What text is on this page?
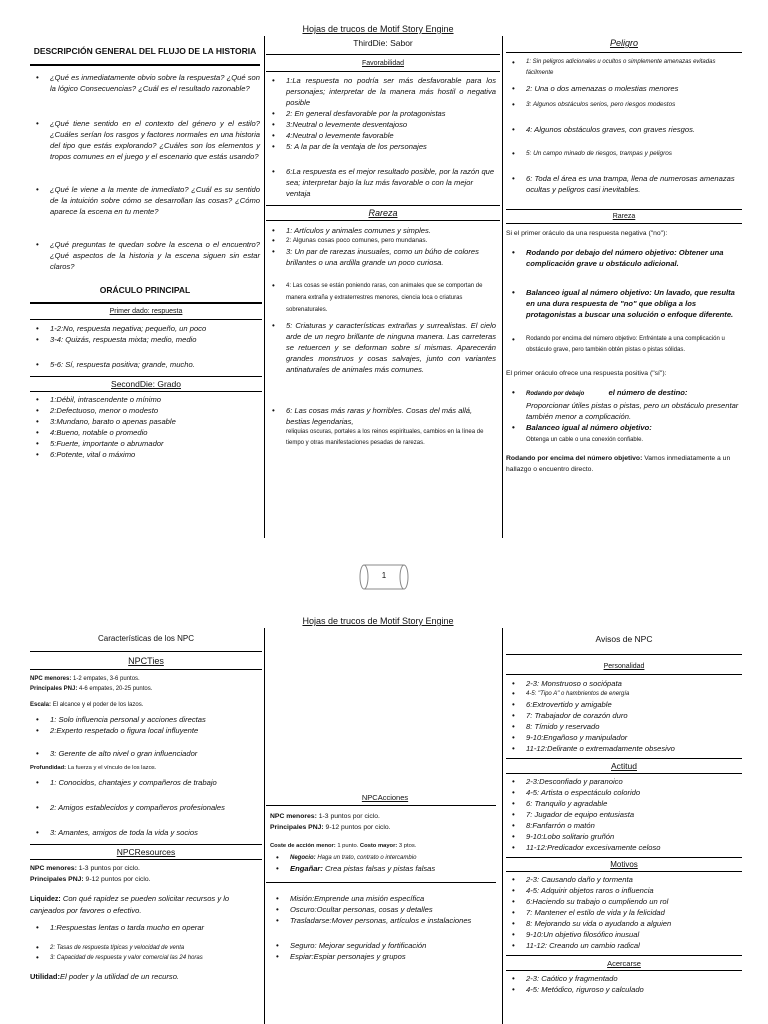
Hojas de trucos de Motif Story Engine
DESCRIPCIÓN GENERAL DEL FLUJO DE LA HISTORIA
• ¿Qué es inmediatamente obvio sobre la respuesta? ¿Qué son la lógico Consecuencias? ¿Cuál es el resultado razonable?
• ¿Qué tiene sentido en el contexto del género y el estilo? ¿Cuáles serían los rasgos y factores normales en una historia del tipo que estás explorando? ¿Cuáles son los elementos y tropos comunes en el juego y el escenario que estás usando?
• ¿Qué le viene a la mente de inmediato? ¿Cuál es su sentido de la intuición sobre cómo se desarrollan las cosas? ¿Cómo aparece la escena en tu mente?
• ¿Qué preguntas te quedan sobre la escena o el encuentro? ¿Qué aspectos de la historia y la escena siguen sin estar claros?
ORÁCULO PRINCIPAL
Primer dado: respuesta
• 1-2:No, respuesta negativa; pequeño, un poco
• 3-4: Quizás, respuesta mixta; medio, medio
• 5-6: Sí, respuesta positiva; grande, mucho.
SecondDie: Grado
• 1:Débil, intrascendente o mínimo
• 2:Defectuoso, menor o modesto
• 3:Mundano, barato o apenas pasable
• 4:Bueno, notable o promedio
• 5:Fuerte, importante o abrumador
• 6:Potente, vital o máximo
ThirdDie: Sabor
Favorabilidad
• 1:La respuesta no podría ser más desfavorable para los personajes; interpretar de la manera más hostil o negativa posible
• 2: En general desfavorable por la protagonistas
• 3:Neutral o levemente desventajoso
• 4:Neutral o levemente favorable
• 5: A la par de la ventaja de los personajes
• 6:La respuesta es el mejor resultado posible, por la razón que sea; interpretar bajo la luz más favorable o con la mejor ventaja
Rareza
• 1: Artículos y animales comunes y simples.
• 2: Algunas cosas poco comunes, pero mundanas.
• 3: Un par de rarezas inusuales, como un búho de colores brillantes o una ardilla grande un poco curiosa.
• 4: Las cosas se están poniendo raras, con animales que se comportan de manera extraña y extraterrestres menores, ciencia loca o criaturas sobrenaturales.
• 5: Criaturas y características extrañas y surrealistas. El cielo arde de un negro brillante de ninguna manera. Las carreteras se retuercen y se deforman sobre sí mismas. Aparecerán grandes monstruos y cosas salvajes, junto con variantes antinaturales de animales más comunes.
• 6: Las cosas más raras y horribles. Cosas del más allá, bestias legendarias,
reliquias oscuras, portales a los reinos espirituales, cambios en la línea de tiempo y otras manifestaciones pesadas de rarezas.
Peligro
• 1: Sin peligros adicionales u ocultos o simplemente amenazas evitadas fácilmente
• 2: Una o dos amenazas o molestias menores
• 3: Algunos obstáculos serios, pero riesgos modestos
• 4: Algunos obstáculos graves, con graves riesgos.
• 5: Un campo minado de riesgos, trampas y peligros
• 6: Toda el área es una trampa, llena de numerosas amenazas ocultas y peligros casi inevitables.
Rareza
Si el primer oráculo da una respuesta negativa ("no"):
• Rodando por debajo del número objetivo: Obtener una complicación grave u obstáculo adicional.
• Balanceo igual al número objetivo: Un lavado, que resulta en una dura respuesta de "no" que obliga a los protagonistas a buscar una solución o enfoque diferente.
• Rodando por encima del número objetivo: Enfréntate a una complicación u obstáculo grave, pero también obtén pistas o pistas sólidas.
El primer oráculo ofrece una respuesta positiva ("sí"):
• Rodando por debajo	el número de destino:
Proporcionar útiles pistas o pistas, pero un obstáculo presentar también menor a complicación.
• Balanceo igual al número objetivo:
Obtenga un cable o una conexión confiable.
Rodando por encima del número objetivo: Vamos inmediatamente a un hallazgo o encuentro directo.
1
Hojas de trucos de Motif Story Engine
Características de los NPC
NPCTies
NPC menores: 1-2 empates, 3-6 puntos.
Principales PNJ: 4-6 empates, 20-25 puntos.
Escala: El alcance y el poder de los lazos.
• 1: Solo influencia personal y acciones directas
• 2:Experto respetado o figura local influyente
• 3: Gerente de alto nivel o gran influenciador
Profundidad: La fuerza y el vínculo de los lazos.
• 1: Conocidos, chantajes y compañeros de trabajo
• 2: Amigos establecidos y compañeros profesionales
• 3: Amantes, amigos de toda la vida y socios
NPCResources
NPC menores: 1-3 puntos por ciclo.
Principales PNJ: 9-12 puntos por ciclo.
Liquidez: Con qué rapidez se pueden solicitar recursos y lo canjeados por favores o efectivo.
• 1:Respuestas lentas o tarda mucho en operar
• 2: Tasas de respuesta típicas y velocidad de venta
• 3: Capacidad de respuesta y valor comercial las 24 horas
Utilidad:El poder y la utilidad de un recurso.
NPCAcciones
NPC menores: 1-3 puntos por ciclo.
Principales PNJ: 9-12 puntos por ciclo.
Coste de acción menor: 1 punto. Costo mayor: 3 ptos.
• Negocio: Haga un trato, contrato o intercambio
• Engañar: Crea pistas falsas y pistas falsas
• Misión:Emprende una misión específica
• Oscuro:Ocultar personas, cosas y detalles
• Trasladarse:Mover personas, artículos e instalaciones
• Seguro: Mejorar seguridad y fortificación
• Espiar:Espiar personajes y grupos
Avisos de NPC
Personalidad
• 2-3: Monstruoso o sociópata
• 4-5: "Tipo A" o hambrientos de energía
• 6:Extrovertido y amigable
• 7: Trabajador de corazón duro
• 8: Tímido y reservado
• 9-10:Engañoso y manipulador
• 11-12:Delirante o extremadamente obsesivo
Actitud
• 2-3:Desconfiado y paranoico
• 4-5: Artista o espectáculo colorido
• 6: Tranquilo y agradable
• 7: Jugador de equipo entusiasta
• 8:Fanfarrón o matón
• 9-10:Lobo solitario gruñón
• 11-12:Predicador excesivamente celoso
Motivos
• 2-3: Causando daño y tormenta
• 4-5: Adquirir objetos raros o influencia
• 6:Haciendo su trabajo o cumpliendo un rol
• 7: Mantener el estilo de vida y la felicidad
• 8: Mejorando su vida o ayudando a alguien
• 9-10:Un objetivo filosófico inusual
• 11-12: Creando un cambio radical
Acercarse
• 2-3: Caótico y fragmentado
• 4-5: Metódico, riguroso y calculado
